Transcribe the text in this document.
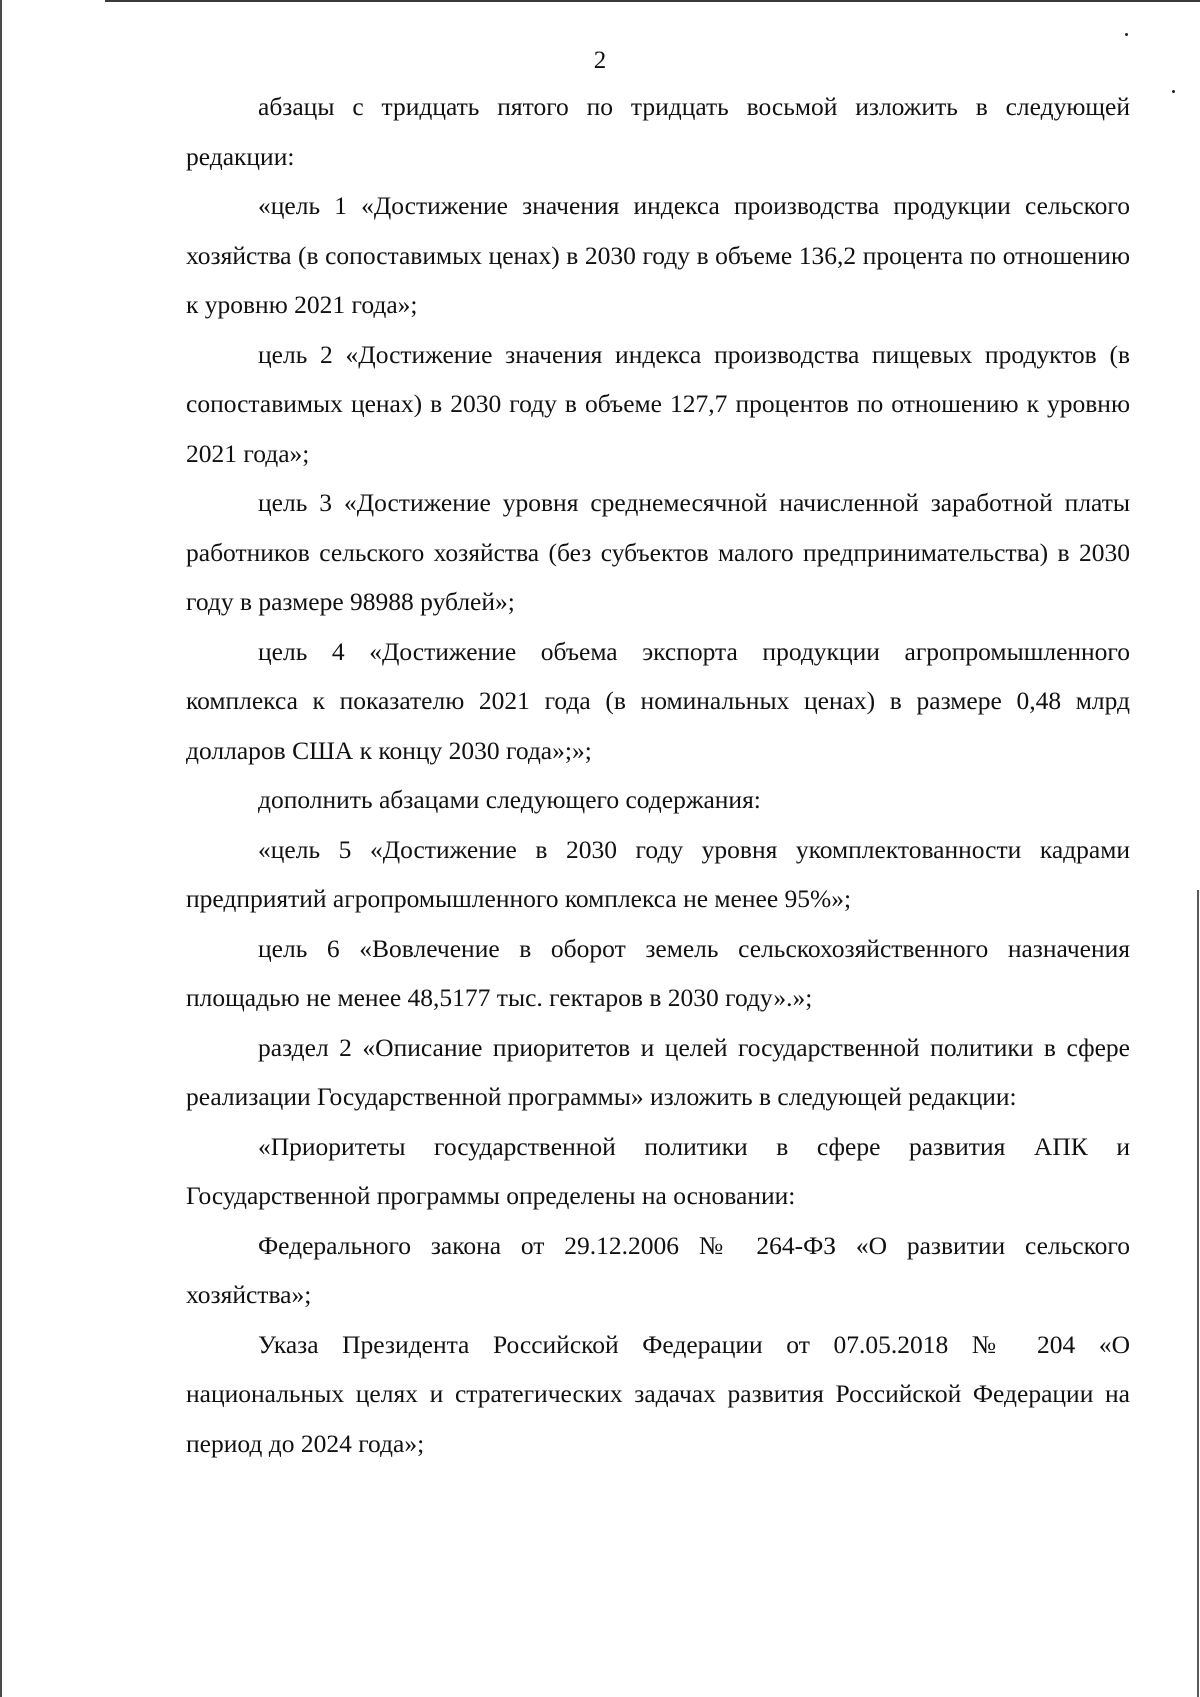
2

абзацы с тридцать пятого по тридцать восьмой изложить в следующей редакции:

«цель 1 «Достижение значения индекса производства продукции сельского хозяйства (в сопоставимых ценах) в 2030 году в объеме 136,2 процента по отношению к уровню 2021 года»;

цель 2 «Достижение значения индекса производства пищевых продуктов (в сопоставимых ценах) в 2030 году в объеме 127,7 процентов по отношению к уровню 2021 года»;

цель 3 «Достижение уровня среднемесячной начисленной заработной платы работников сельского хозяйства (без субъектов малого предпринимательства) в 2030 году в размере 98988 рублей»;

цель 4 «Достижение объема экспорта продукции агропромышленного комплекса к показателю 2021 года (в номинальных ценах) в размере 0,48 млрд долларов США к концу 2030 года»;»;

дополнить абзацами следующего содержания:

«цель 5 «Достижение в 2030 году уровня укомплектованности кадрами предприятий агропромышленного комплекса не менее 95%»;

цель 6 «Вовлечение в оборот земель сельскохозяйственного назначения площадью не менее 48,5177 тыс. гектаров в 2030 году».»;

раздел 2 «Описание приоритетов и целей государственной политики в сфере реализации Государственной программы» изложить в следующей редакции:

«Приоритеты государственной политики в сфере развития АПК и Государственной программы определены на основании:

Федерального закона от 29.12.2006 № 264-ФЗ «О развитии сельского хозяйства»;

Указа Президента Российской Федерации от 07.05.2018 № 204 «О национальных целях и стратегических задачах развития Российской Федерации на период до 2024 года»;
